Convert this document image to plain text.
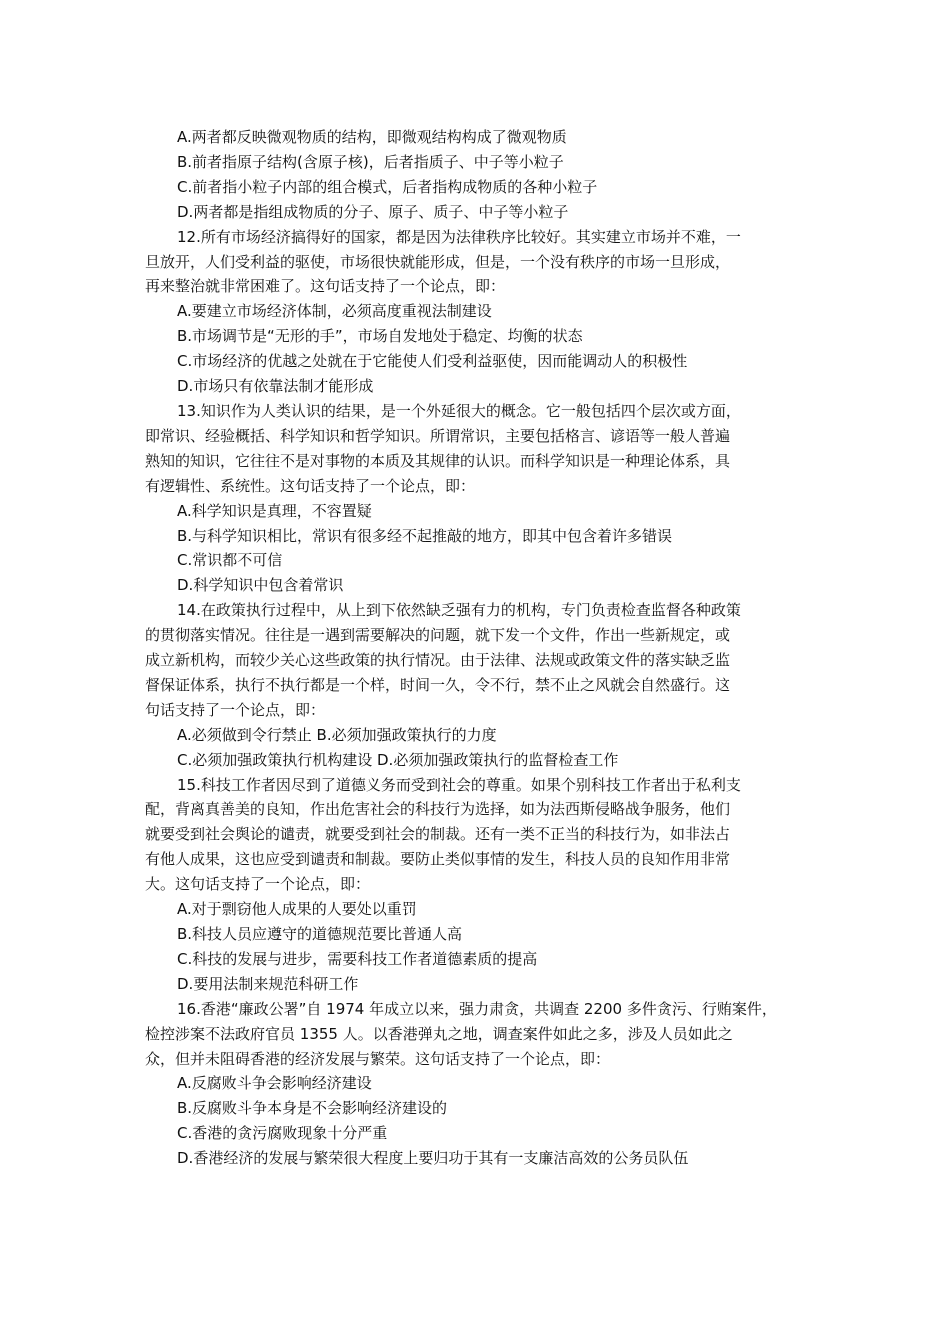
A.两者都反映微观物质的结构，即微观结构构成了微观物质
B.前者指原子结构(含原子核)，后者指质子、中子等小粒子
C.前者指小粒子内部的组合模式，后者指构成物质的各种小粒子
D.两者都是指组成物质的分子、原子、质子、中子等小粒子
12.所有市场经济搞得好的国家，都是因为法律秩序比较好。其实建立市场并不难，一
旦放开，人们受利益的驱使，市场很快就能形成，但是，一个没有秩序的市场一旦形成，
再来整治就非常困难了。这句话支持了一个论点，即：
A.要建立市场经济体制，必须高度重视法制建设
B.市场调节是“无形的手”，市场自发地处于稳定、均衡的状态
C.市场经济的优越之处就在于它能使人们受利益驱使，因而能调动人的积极性
D.市场只有依靠法制才能形成
13.知识作为人类认识的结果，是一个外延很大的概念。它一般包括四个层次或方面，
即常识、经验概括、科学知识和哲学知识。所谓常识，主要包括格言、谚语等一般人普遍
熟知的知识，它往往不是对事物的本质及其规律的认识。而科学知识是一种理论体系，具
有逻辑性、系统性。这句话支持了一个论点，即：
A.科学知识是真理，不容置疑
B.与科学知识相比，常识有很多经不起推敲的地方，即其中包含着许多错误
C.常识都不可信
D.科学知识中包含着常识
14.在政策执行过程中，从上到下依然缺乏强有力的机构，专门负责检查监督各种政策
的贯彻落实情况。往往是一遇到需要解决的问题，就下发一个文件，作出一些新规定，或
成立新机构，而较少关心这些政策的执行情况。由于法律、法规或政策文件的落实缺乏监
督保证体系，执行不执行都是一个样，时间一久，令不行，禁不止之风就会自然盛行。这
句话支持了一个论点，即：
A.必须做到令行禁止 B.必须加强政策执行的力度
C.必须加强政策执行机构建设 D.必须加强政策执行的监督检查工作
15.科技工作者因尽到了道德义务而受到社会的尊重。如果个别科技工作者出于私利支
配，背离真善美的良知，作出危害社会的科技行为选择，如为法西斯侵略战争服务，他们
就要受到社会舆论的谴责，就要受到社会的制裁。还有一类不正当的科技行为，如非法占
有他人成果，这也应受到谴责和制裁。要防止类似事情的发生，科技人员的良知作用非常
大。这句话支持了一个论点，即：
A.对于剽窃他人成果的人要处以重罚
B.科技人员应遵守的道德规范要比普通人高
C.科技的发展与进步，需要科技工作者道德素质的提高
D.要用法制来规范科研工作
16.香港“廉政公署”自 1974 年成立以来，强力肃贪，共调查 2200 多件贪污、行贿案件，
检控涉案不法政府官员 1355 人。以香港弹丸之地，调查案件如此之多，涉及人员如此之
众，但并未阻碍香港的经济发展与繁荣。这句话支持了一个论点，即：
A.反腐败斗争会影响经济建设
B.反腐败斗争本身是不会影响经济建设的
C.香港的贪污腐败现象十分严重
D.香港经济的发展与繁荣很大程度上要归功于其有一支廉洁高效的公务员队伍
